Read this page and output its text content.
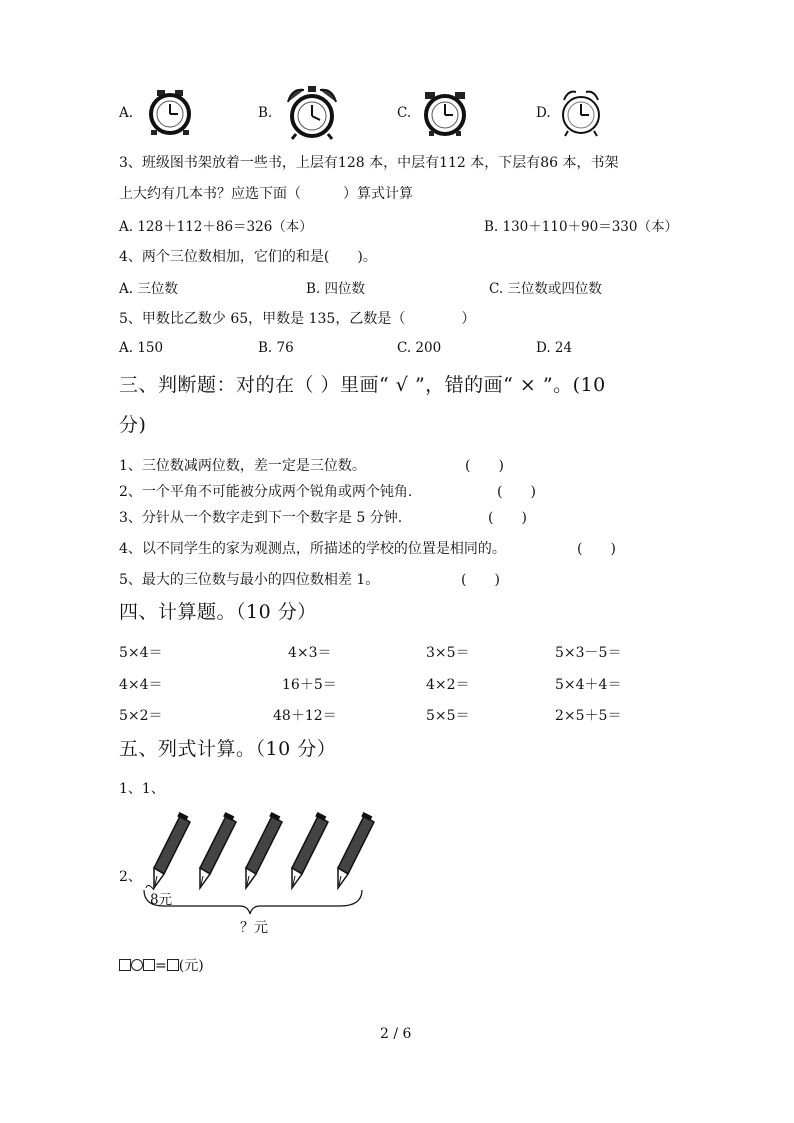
A.	B.	C.	D.
3、班级图书架放着一些书，上层有128 本，中层有112 本，下层有86 本，书架
上大约有几本书？应选下面（　　　）算式计算
A. 128＋112＋86＝326（本）	B. 130＋110＋90＝330（本）
4、两个三位数相加，它们的和是(　　)。
A. 三位数	B. 四位数	C. 三位数或四位数
5、甲数比乙数少 65，甲数是 135，乙数是（　　　　）
A. 150	B. 76	C. 200	D. 24
三、判断题：对的在（ ）里画“ √ ”，错的画“ × ”。(10
分)
1、三位数减两位数，差一定是三位数。	(　　)
2、一个平角不可能被分成两个锐角或两个钝角.	(　　)
3、分针从一个数字走到下一个数字是 5 分钟.	(　　)
4、以不同学生的家为观测点，所描述的学校的位置是相同的。	(　　)
5、最大的三位数与最小的四位数相差 1。	(　　)
四、计算题。（10 分）
5×4＝	4×3＝	3×5＝	5×3－5＝
4×4＝	16＋5＝	4×2＝	5×4＋4＝
5×2＝	48＋12＝	5×5＝	2×5＋5＝
五、列式计算。（10 分）
1、1、
2、
8元
？元
= (元)
2 / 6
